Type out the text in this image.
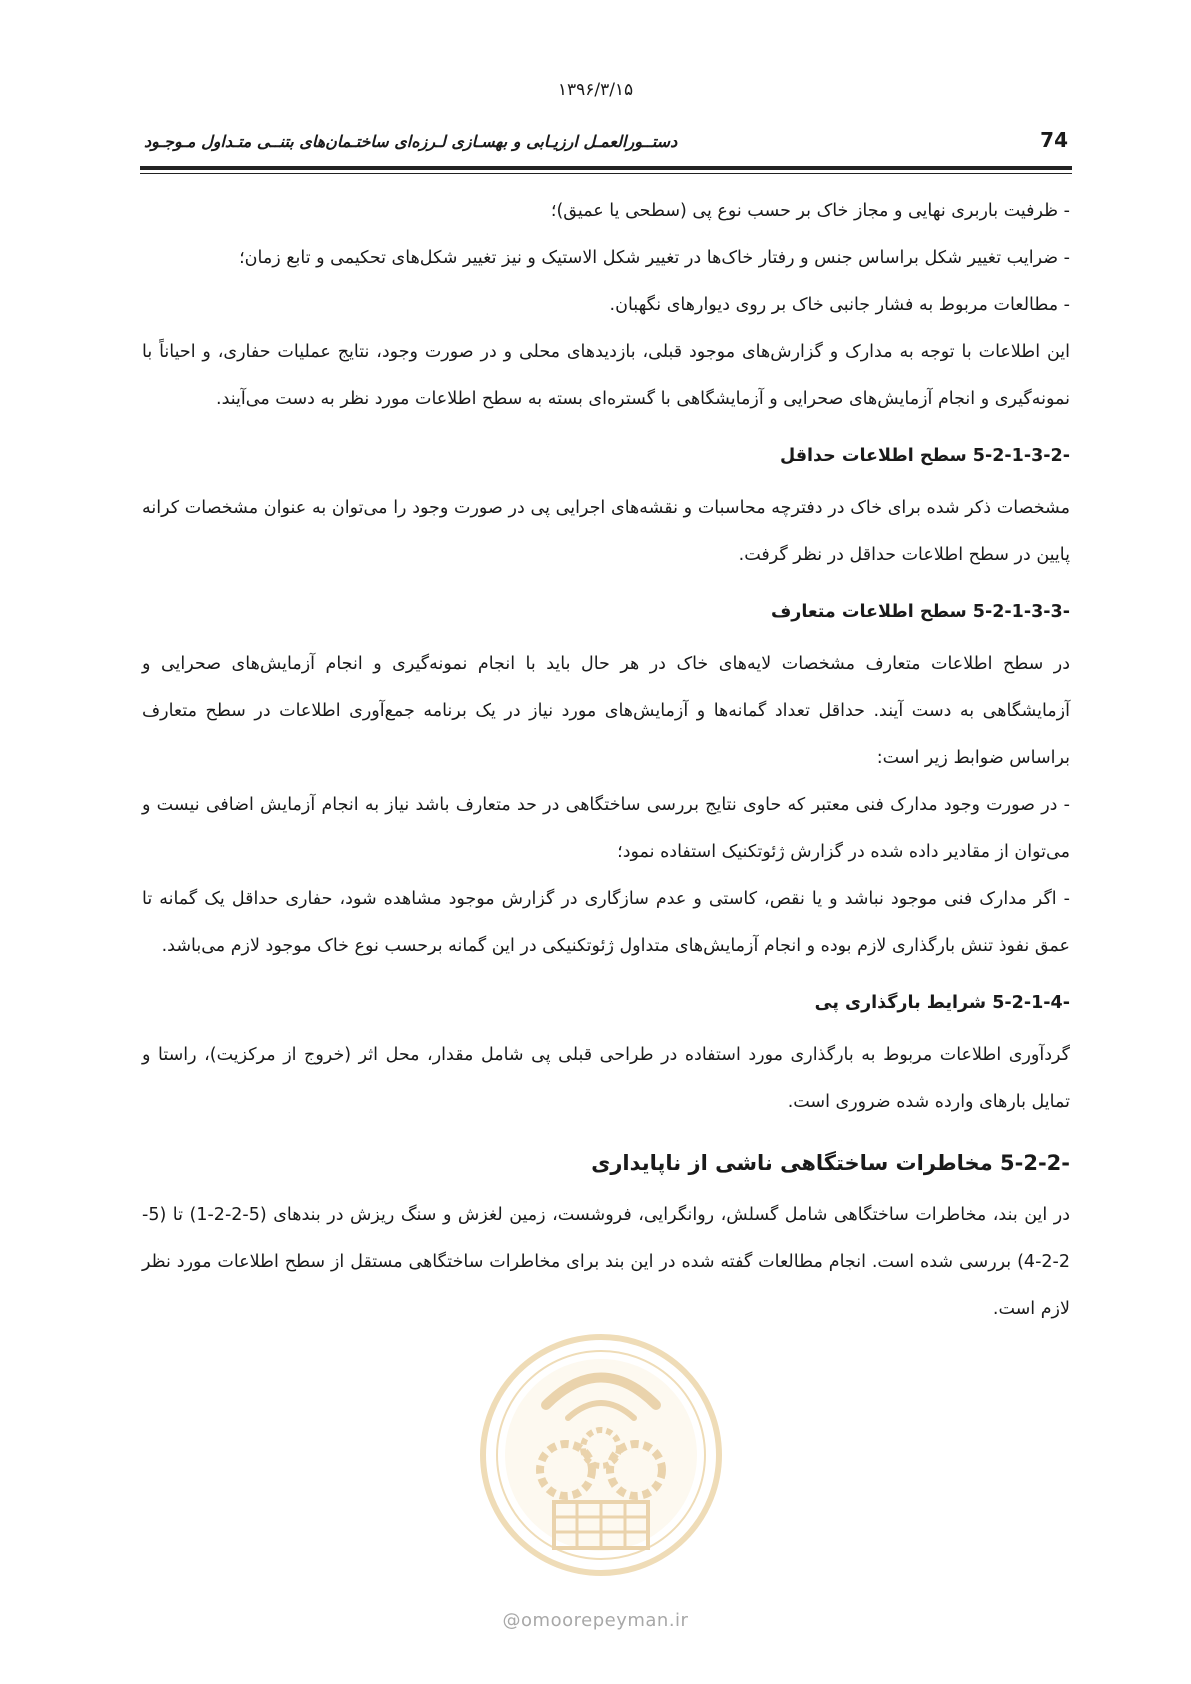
۱۳۹۶/۳/۱۵
74
دستــورالعمـل ارزیـابی و بهسـازی لـرزه‌ای ساختـمان‌های بتنــی متـداول مـوجـود

- ظرفیت باربری نهایی و مجاز خاک بر حسب نوع پی (سطحی یا عمیق)؛

- ضرایب تغییر شکل براساس جنس و رفتار خاک‌ها در تغییر شکل الاستیک و نیز تغییر شکل‌های تحکیمی و تابع زمان؛

- مطالعات مربوط به فشار جانبی خاک بر روی دیوارهای نگهبان.

این اطلاعات با توجه به مدارک و گزارش‌های موجود قبلی، بازدیدهای محلی و در صورت وجود، نتایج عملیات حفاری، و احیاناً با نمونه‌گیری و انجام آزمایش‌های صحرایی و آزمایشگاهی با گستره‌ای بسته به سطح اطلاعات مورد نظر به دست می‌آیند.

5-2-1-3-2- سطح اطلاعات حداقل

مشخصات ذکر شده برای خاک در دفترچه محاسبات و نقشه‌های اجرایی پی در صورت وجود را می‌توان به عنوان مشخصات کرانه پایین در سطح اطلاعات حداقل در نظر گرفت.

5-2-1-3-3- سطح اطلاعات متعارف

در سطح اطلاعات متعارف مشخصات لایه‌های خاک در هر حال باید با انجام نمونه‌گیری و انجام آزمایش‌های صحرایی و آزمایشگاهی به دست آیند. حداقل تعداد گمانه‌ها و آزمایش‌های مورد نیاز در یک برنامه جمع‌آوری اطلاعات در سطح متعارف براساس ضوابط زیر است:

- در صورت وجود مدارک فنی معتبر که حاوی نتایج بررسی ساختگاهی در حد متعارف باشد نیاز به انجام آزمایش اضافی نیست و می‌توان از مقادیر داده شده در گزارش ژئوتکنیک استفاده نمود؛

- اگر مدارک فنی موجود نباشد و یا نقص، کاستی و عدم سازگاری در گزارش موجود مشاهده شود، حفاری حداقل یک گمانه تا عمق نفوذ تنش بارگذاری لازم بوده و انجام آزمایش‌های متداول ژئوتکنیکی در این گمانه برحسب نوع خاک موجود لازم می‌باشد.

5-2-1-4- شرایط بارگذاری پی

گردآوری اطلاعات مربوط به بارگذاری مورد استفاده در طراحی قبلی پی شامل مقدار، محل اثر (خروج از مرکزیت)، راستا و تمایل بارهای وارده شده ضروری است.

5-2-2- مخاطرات ساختگاهی ناشی از ناپایداری

در این بند، مخاطرات ساختگاهی شامل گسلش، روانگرایی، فروشست، زمین لغزش و سنگ ریزش در بندهای (5-2-2-1) تا (5-2-2-4) بررسی شده است. انجام مطالعات گفته شده در این بند برای مخاطرات ساختگاهی مستقل از سطح اطلاعات مورد نظر لازم است.

@omoorepeyman.ir
